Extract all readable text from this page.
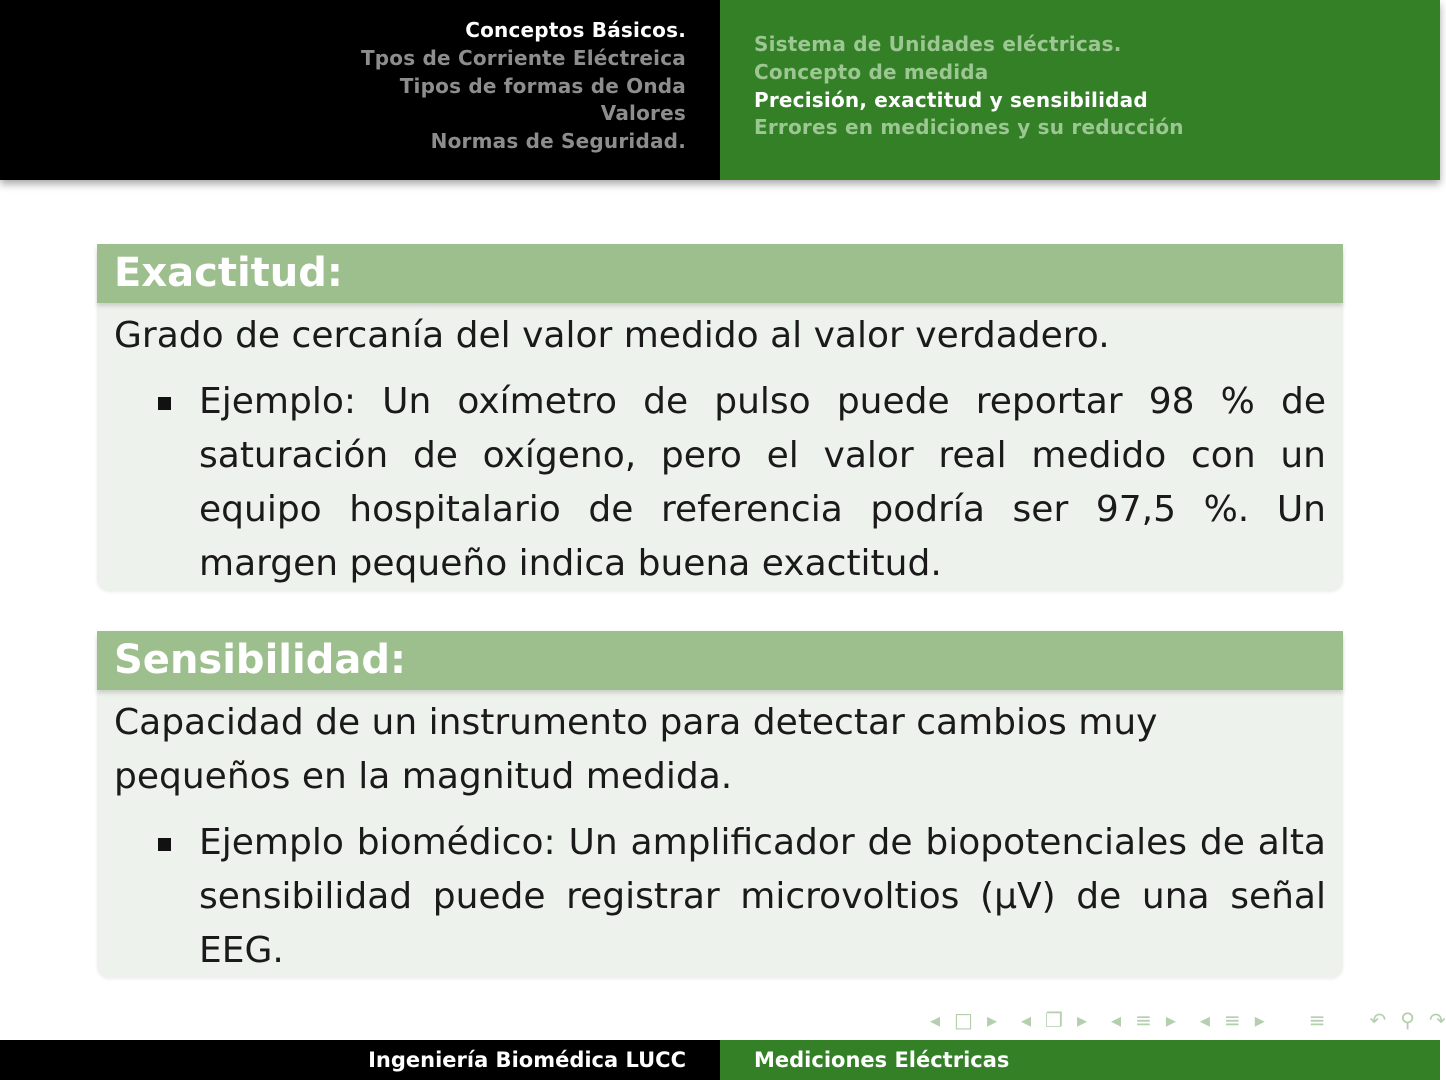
Conceptos Básicos.
Tpos de Corriente Eléctreica
Tipos de formas de Onda
Valores
Normas de Seguridad.
Sistema de Unidades eléctricas.
Concepto de medida
Precisión, exactitud y sensibilidad
Errores en mediciones y su reducción
Exactitud:

Grado de cercanía del valor medido al valor verdadero.

Ejemplo: Un oxímetro de pulso puede reportar 98 % de saturación de oxígeno, pero el valor real medido con un equipo hospitalario de referencia podría ser 97,5 %. Un margen pequeño indica buena exactitud.
Sensibilidad:

Capacidad de un instrumento para detectar cambios muy pequeños en la magnitud medida.

Ejemplo biomédico: Un amplificador de biopotenciales de alta sensibilidad puede registrar microvoltios (μV) de una señal EEG.
◂ □ ▸ ◂ ❐ ▸ ◂ ≡ ▸ ◂ ≡ ▸ ≡ ↶ ⚲ ↷
Ingeniería Biomédica LUCC	Mediciones Eléctricas
